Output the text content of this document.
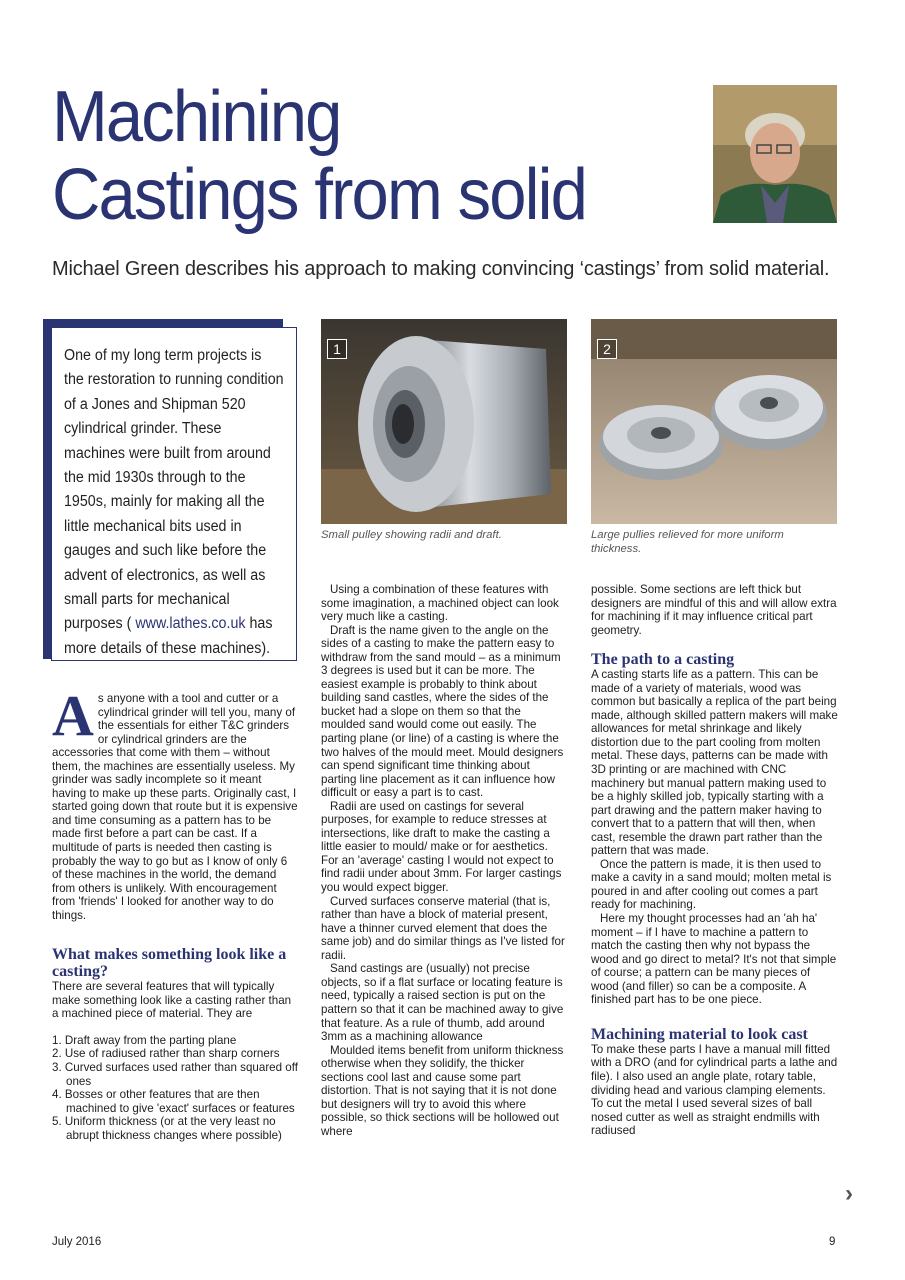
Machining
Castings from solid

Michael Green describes his approach to making convincing ‘castings’ from solid material.

One of my long term projects is the restoration to running condition of a Jones and Shipman 520 cylindrical grinder. These machines were built from around the mid 1930s through to the 1950s, mainly for making all the little mechanical bits used in gauges and such like before the advent of electronics, as well as small parts for mechanical purposes ( www.lathes.co.uk has more details of these machines).

1

Small pulley showing radii and draft.

2

Large pullies relieved for more uniform thickness.

As anyone with a tool and cutter or a cylindrical grinder will tell you, many of the essentials for either T&C grinders or cylindrical grinders are the accessories that come with them – without them, the machines are essentially useless. My grinder was sadly incomplete so it meant having to make up these parts. Originally cast, I started going down that route but it is expensive and time consuming as a pattern has to be made first before a part can be cast. If a multitude of parts is needed then casting is probably the way to go but as I know of only 6 of these machines in the world, the demand from others is unlikely. With encouragement from 'friends' I looked for another way to do things.

What makes something look like a casting?

There are several features that will typically make something look like a casting rather than a machined piece of material. They are

1. Draft away from the parting plane
2. Use of radiused rather than sharp corners
3. Curved surfaces used rather than squared off ones
4. Bosses or other features that are then machined to give 'exact' surfaces or features
5. Uniform thickness (or at the very least no abrupt thickness changes where possible)

Using a combination of these features with some imagination, a machined object can look very much like a casting.

Draft is the name given to the angle on the sides of a casting to make the pattern easy to withdraw from the sand mould – as a minimum 3 degrees is used but it can be more. The easiest example is probably to think about building sand castles, where the sides of the bucket had a slope on them so that the moulded sand would come out easily. The parting plane (or line) of a casting is where the two halves of the mould meet. Mould designers can spend significant time thinking about parting line placement as it can influence how difficult or easy a part is to cast.

Radii are used on castings for several purposes, for example to reduce stresses at intersections, like draft to make the casting a little easier to mould/ make or for aesthetics. For an 'average' casting I would not expect to find radii under about 3mm. For larger castings you would expect bigger.

Curved surfaces conserve material (that is, rather than have a block of material present, have a thinner curved element that does the same job) and do similar things as I've listed for radii.

Sand castings are (usually) not precise objects, so if a flat surface or locating feature is need, typically a raised section is put on the pattern so that it can be machined away to give that feature. As a rule of thumb, add around 3mm as a machining allowance

Moulded items benefit from uniform thickness otherwise when they solidify, the thicker sections cool last and cause some part distortion. That is not saying that it is not done but designers will try to avoid this where possible, so thick sections will be hollowed out where

possible. Some sections are left thick but designers are mindful of this and will allow extra for machining if it may influence critical part geometry.

The path to a casting

A casting starts life as a pattern. This can be made of a variety of materials, wood was common but basically a replica of the part being made, although skilled pattern makers will make allowances for metal shrinkage and likely distortion due to the part cooling from molten metal. These days, patterns can be made with 3D printing or are machined with CNC machinery but manual pattern making used to be a highly skilled job, typically starting with a part drawing and the pattern maker having to convert that to a pattern that will then, when cast, resemble the drawn part rather than the pattern that was made.

Once the pattern is made, it is then used to make a cavity in a sand mould; molten metal is poured in and after cooling out comes a part ready for machining.

Here my thought processes had an 'ah ha' moment – if I have to machine a pattern to match the casting then why not bypass the wood and go direct to metal? It's not that simple of course; a pattern can be many pieces of wood (and filler) so can be a composite. A finished part has to be one piece.

Machining material to look cast

To make these parts I have a manual mill fitted with a DRO (and for cylindrical parts a lathe and file). I also used an angle plate, rotary table, dividing head and various clamping elements. To cut the metal I used several sizes of ball nosed cutter as well as straight endmills with radiused

›
July 2016	9
